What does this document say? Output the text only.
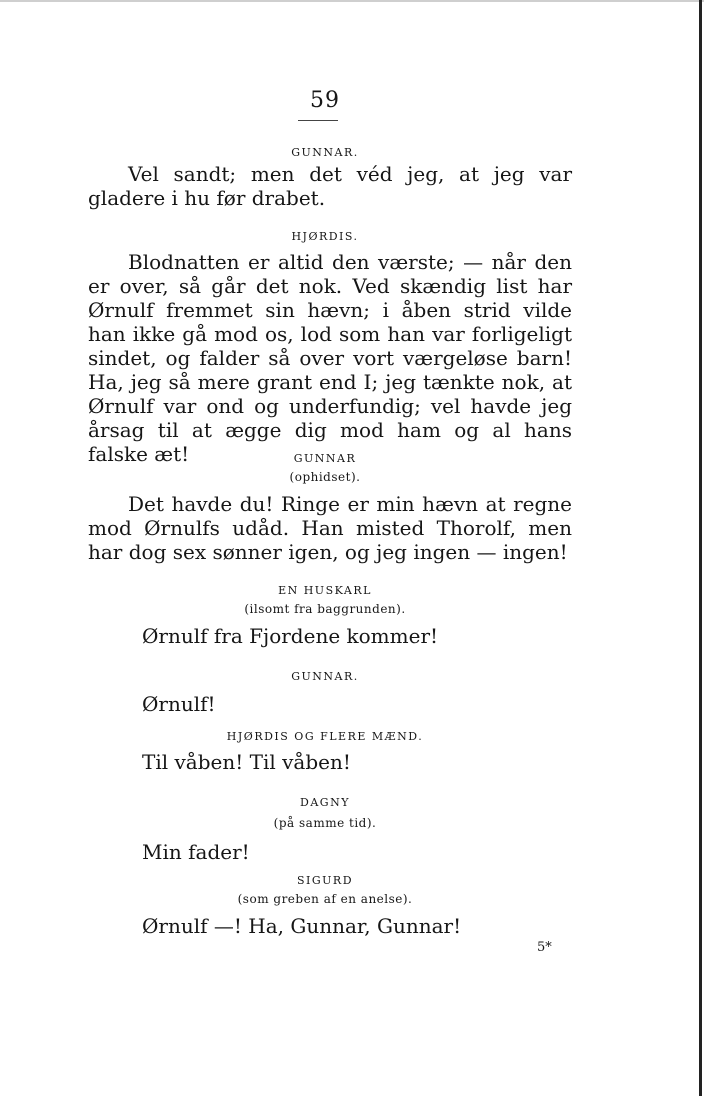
59
GUNNAR.
Vel sandt; men det véd jeg, at jeg var gladere i hu før drabet.
HJØRDIS.
Blodnatten er altid den værste; — når den er over, så går det nok. Ved skændig list har Ørnulf fremmet sin hævn; i åben strid vilde han ikke gå mod os, lod som han var forligeligt sindet, og falder så over vort værgeløse barn! Ha, jeg så mere grant end I; jeg tænkte nok, at Ørnulf var ond og underfundig; vel havde jeg årsag til at ægge dig mod ham og al hans falske æt!	GUNNAR
(ophidset).
Det havde du! Ringe er min hævn at regne mod Ørnulfs udåd. Han misted Thorolf, men har dog sex sønner igen, og jeg ingen — ingen!
EN HUSKARL
(ilsomt fra baggrunden).
Ørnulf fra Fjordene kommer!
GUNNAR.
Ørnulf!
HJØRDIS OG FLERE MÆND.
Til våben! Til våben!
DAGNY
(på samme tid).
Min fader!
SIGURD
(som greben af en anelse).
Ørnulf —! Ha, Gunnar, Gunnar!
5*
